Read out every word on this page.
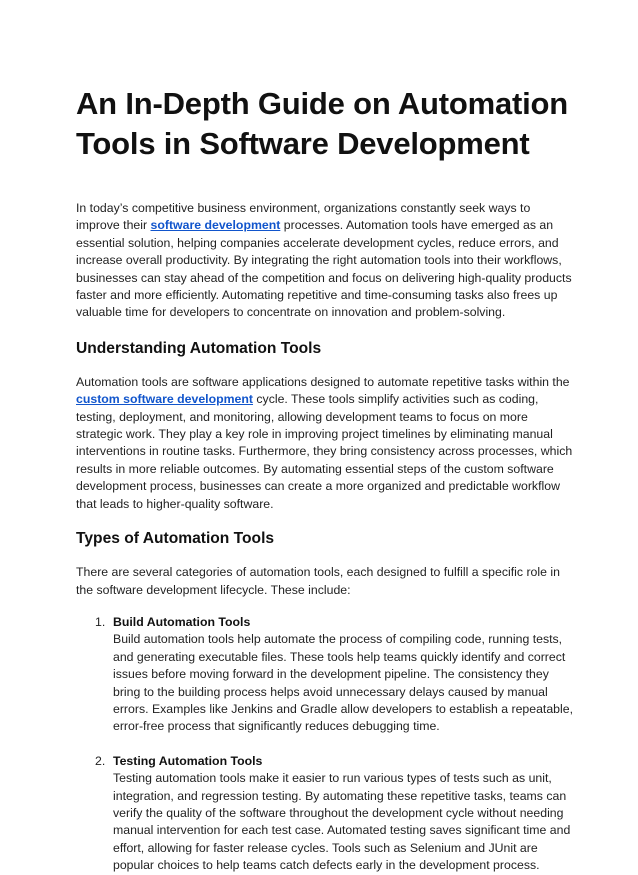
An In-Depth Guide on Automation Tools in Software Development

In today’s competitive business environment, organizations constantly seek ways to improve their software development processes. Automation tools have emerged as an essential solution, helping companies accelerate development cycles, reduce errors, and increase overall productivity. By integrating the right automation tools into their workflows, businesses can stay ahead of the competition and focus on delivering high-quality products faster and more efficiently. Automating repetitive and time-consuming tasks also frees up valuable time for developers to concentrate on innovation and problem-solving.

Understanding Automation Tools

Automation tools are software applications designed to automate repetitive tasks within the custom software development cycle. These tools simplify activities such as coding, testing, deployment, and monitoring, allowing development teams to focus on more strategic work. They play a key role in improving project timelines by eliminating manual interventions in routine tasks. Furthermore, they bring consistency across processes, which results in more reliable outcomes. By automating essential steps of the custom software development process, businesses can create a more organized and predictable workflow that leads to higher-quality software.

Types of Automation Tools

There are several categories of automation tools, each designed to fulfill a specific role in the software development lifecycle. These include:

1. Build Automation Tools
Build automation tools help automate the process of compiling code, running tests, and generating executable files. These tools help teams quickly identify and correct issues before moving forward in the development pipeline. The consistency they bring to the building process helps avoid unnecessary delays caused by manual errors. Examples like Jenkins and Gradle allow developers to establish a repeatable, error-free process that significantly reduces debugging time.
2. Testing Automation Tools
Testing automation tools make it easier to run various types of tests such as unit, integration, and regression testing. By automating these repetitive tasks, teams can verify the quality of the software throughout the development cycle without needing manual intervention for each test case. Automated testing saves significant time and effort, allowing for faster release cycles. Tools such as Selenium and JUnit are popular choices to help teams catch defects early in the development process.
